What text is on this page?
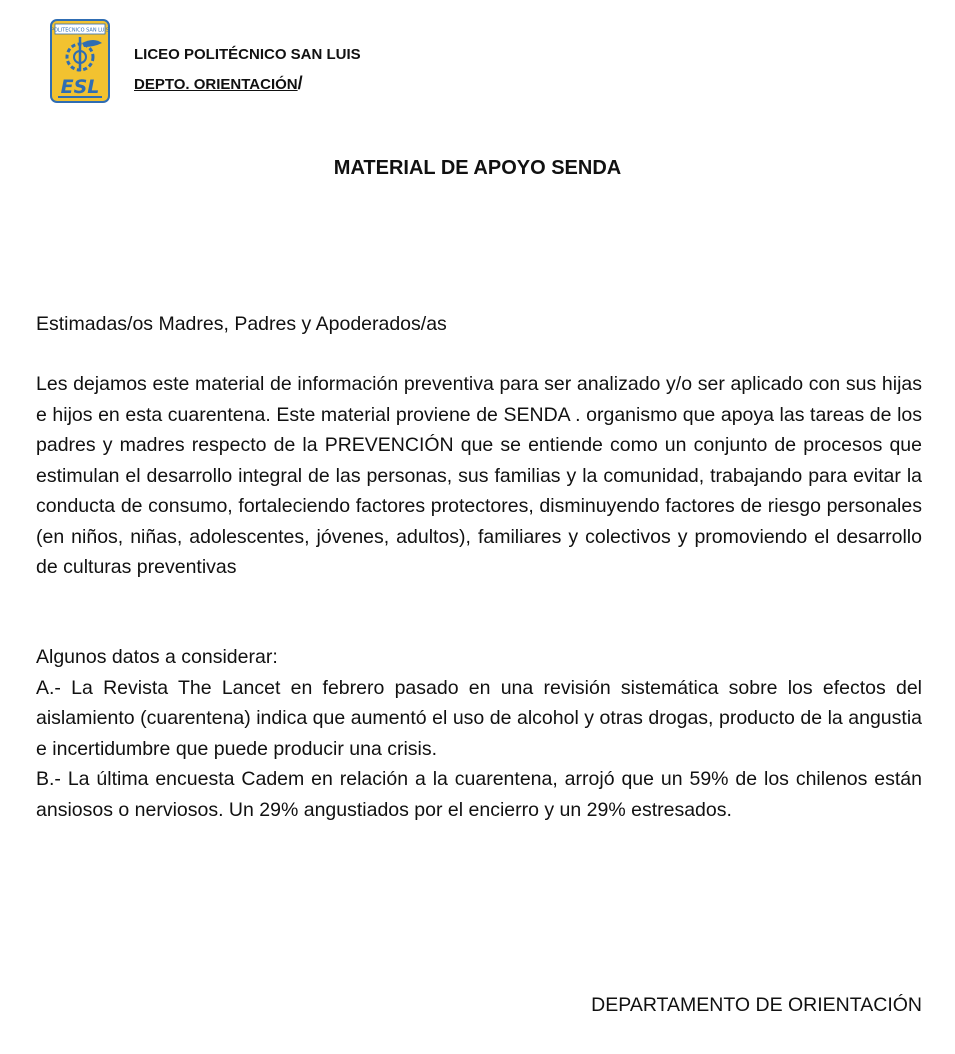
POLITECNICO SAN LUIS
ESL
LICEO POLITÉCNICO SAN LUIS
DEPTO. ORIENTACIÓN/
MATERIAL DE APOYO SENDA

Estimadas/os Madres, Padres y Apoderados/as

Les dejamos este material de información preventiva para ser analizado y/o ser aplicado con sus hijas e hijos en esta cuarentena. Este material proviene de SENDA . organismo que apoya las tareas de los padres y madres respecto de la PREVENCIÓN que se entiende como un conjunto de procesos que estimulan el desarrollo integral de las personas, sus familias y la comunidad, trabajando para evitar la conducta de consumo, fortaleciendo factores protectores, disminuyendo factores de riesgo personales (en niños, niñas, adolescentes, jóvenes, adultos), familiares y colectivos y promoviendo el desarrollo de culturas preventivas

Algunos datos a considerar:

A.- La Revista The Lancet en febrero pasado en una revisión sistemática sobre los efectos del aislamiento (cuarentena) indica que aumentó el uso de alcohol y otras drogas, producto de la angustia e incertidumbre que puede producir una crisis.

B.- La última encuesta Cadem en relación a la cuarentena, arrojó que un 59% de los chilenos están ansiosos o nerviosos. Un 29% angustiados por el encierro y un 29% estresados.

DEPARTAMENTO DE ORIENTACIÓN
